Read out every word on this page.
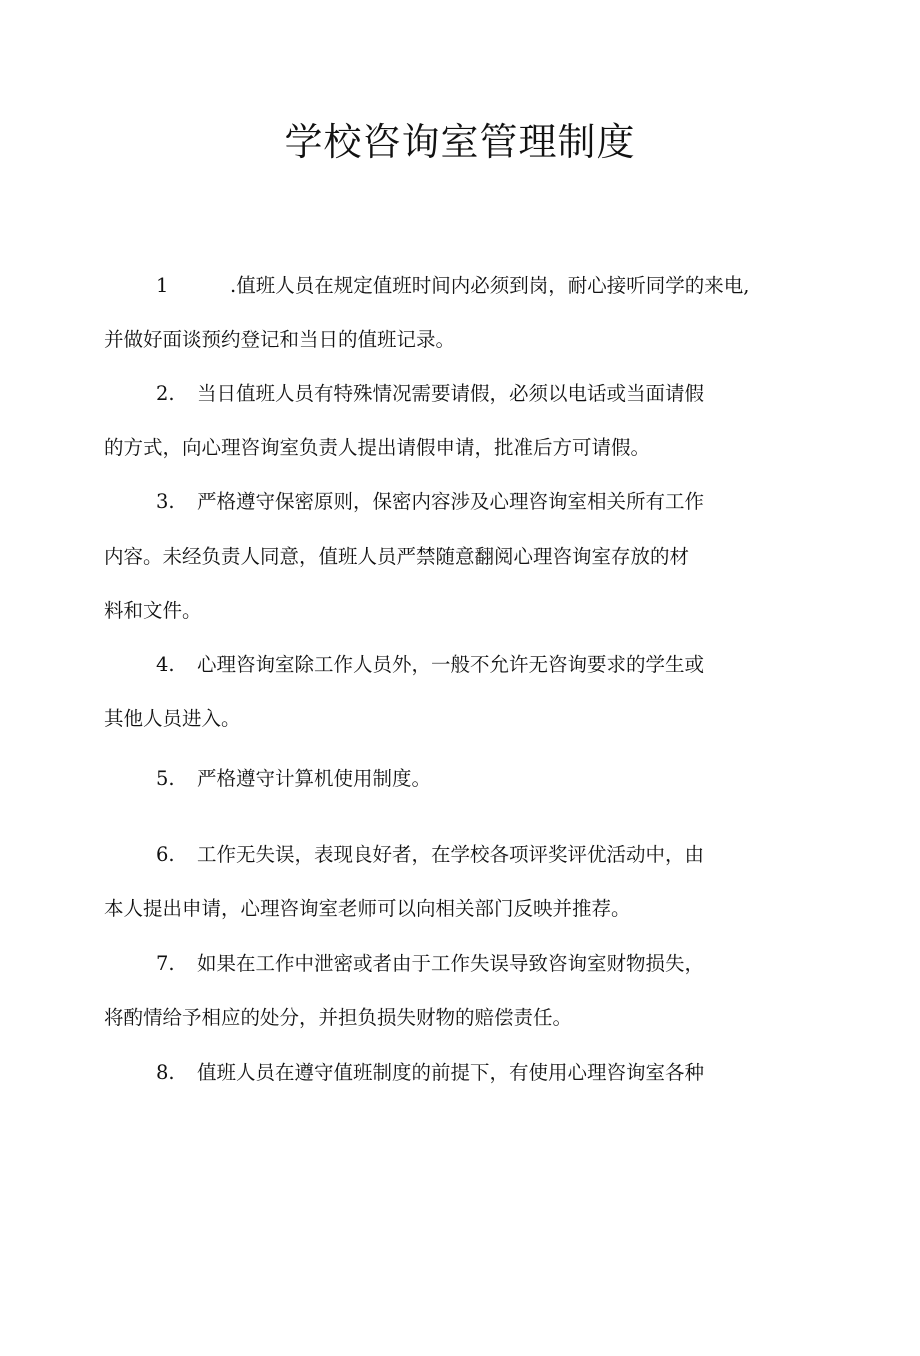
学校咨询室管理制度
1	.值班人员在规定值班时间内必须到岗，耐心接听同学的来电,
并做好面谈预约登记和当日的值班记录。
2. 当日值班人员有特殊情况需要请假，必须以电话或当面请假
的方式，向心理咨询室负责人提出请假申请，批准后方可请假。
3. 严格遵守保密原则，保密内容涉及心理咨询室相关所有工作
内容。未经负责人同意，值班人员严禁随意翻阅心理咨询室存放的材
料和文件。
4. 心理咨询室除工作人员外，一般不允许无咨询要求的学生或
其他人员进入。
5. 严格遵守计算机使用制度。
6. 工作无失误，表现良好者，在学校各项评奖评优活动中，由
本人提出申请，心理咨询室老师可以向相关部门反映并推荐。
7. 如果在工作中泄密或者由于工作失误导致咨询室财物损失，
将酌情给予相应的处分，并担负损失财物的赔偿责任。
8. 值班人员在遵守值班制度的前提下，有使用心理咨询室各种
